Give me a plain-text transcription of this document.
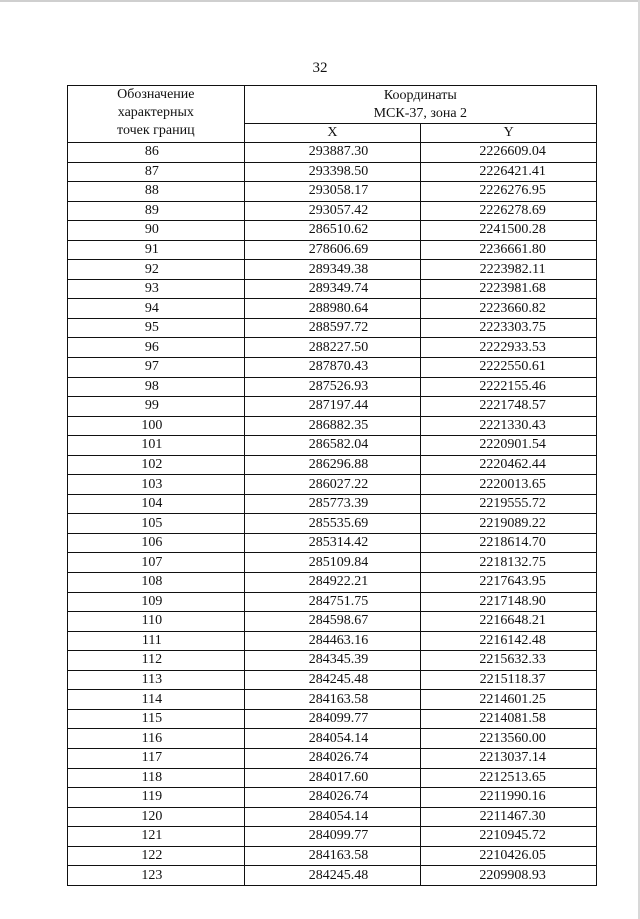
32
Обозначение
характерных
точек границ	Координаты
МСК-37, зона 2	

	X	Y
86	293887.30	2226609.04
87	293398.50	2226421.41
88	293058.17	2226276.95
89	293057.42	2226278.69
90	286510.62	2241500.28
91	278606.69	2236661.80
92	289349.38	2223982.11
93	289349.74	2223981.68
94	288980.64	2223660.82
95	288597.72	2223303.75
96	288227.50	2222933.53
97	287870.43	2222550.61
98	287526.93	2222155.46
99	287197.44	2221748.57
100	286882.35	2221330.43
101	286582.04	2220901.54
102	286296.88	2220462.44
103	286027.22	2220013.65
104	285773.39	2219555.72
105	285535.69	2219089.22
106	285314.42	2218614.70
107	285109.84	2218132.75
108	284922.21	2217643.95
109	284751.75	2217148.90
110	284598.67	2216648.21
111	284463.16	2216142.48
112	284345.39	2215632.33
113	284245.48	2215118.37
114	284163.58	2214601.25
115	284099.77	2214081.58
116	284054.14	2213560.00
117	284026.74	2213037.14
118	284017.60	2212513.65
119	284026.74	2211990.16
120	284054.14	2211467.30
121	284099.77	2210945.72
122	284163.58	2210426.05
123	284245.48	2209908.93
